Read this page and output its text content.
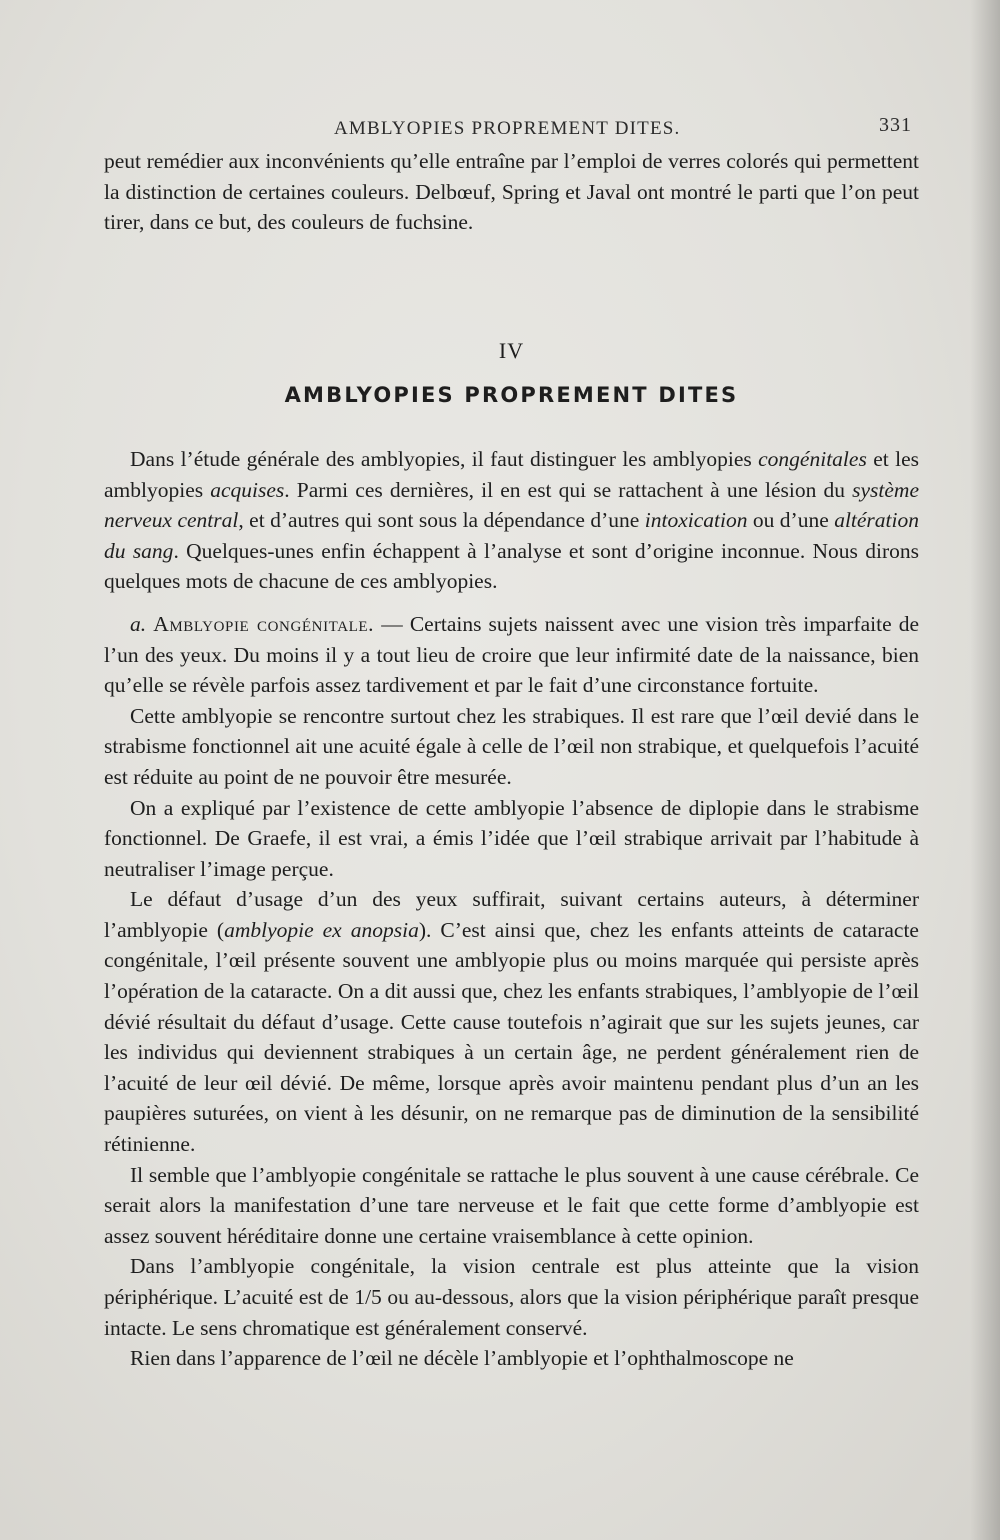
AMBLYOPIES PROPREMENT DITES.	331

peut remédier aux inconvénients qu’elle entraîne par l’emploi de verres colorés qui permettent la distinction de certaines couleurs. Delbœuf, Spring et Javal ont montré le parti que l’on peut tirer, dans ce but, des couleurs de fuchsine.

IV
AMBLYOPIES PROPREMENT DITES

Dans l’étude générale des amblyopies, il faut distinguer les amblyopies congénitales et les amblyopies acquises. Parmi ces dernières, il en est qui se rattachent à une lésion du système nerveux central, et d’autres qui sont sous la dépendance d’une intoxication ou d’une altération du sang. Quelques-unes enfin échappent à l’analyse et sont d’origine inconnue. Nous dirons quelques mots de chacune de ces amblyopies.

a. Amblyopie congénitale. — Certains sujets naissent avec une vision très imparfaite de l’un des yeux. Du moins il y a tout lieu de croire que leur infirmité date de la naissance, bien qu’elle se révèle parfois assez tardivement et par le fait d’une circonstance fortuite.

Cette amblyopie se rencontre surtout chez les strabiques. Il est rare que l’œil devié dans le strabisme fonctionnel ait une acuité égale à celle de l’œil non strabique, et quelquefois l’acuité est réduite au point de ne pouvoir être mesurée.

On a expliqué par l’existence de cette amblyopie l’absence de diplopie dans le strabisme fonctionnel. De Graefe, il est vrai, a émis l’idée que l’œil strabique arrivait par l’habitude à neutraliser l’image perçue.

Le défaut d’usage d’un des yeux suffirait, suivant certains auteurs, à déterminer l’amblyopie (amblyopie ex anopsia). C’est ainsi que, chez les enfants atteints de cataracte congénitale, l’œil présente souvent une amblyopie plus ou moins marquée qui persiste après l’opération de la cataracte. On a dit aussi que, chez les enfants strabiques, l’amblyopie de l’œil dévié résultait du défaut d’usage. Cette cause toutefois n’agirait que sur les sujets jeunes, car les individus qui deviennent strabiques à un certain âge, ne perdent généralement rien de l’acuité de leur œil dévié. De même, lorsque après avoir maintenu pendant plus d’un an les paupières suturées, on vient à les désunir, on ne remarque pas de diminution de la sensibilité rétinienne.

Il semble que l’amblyopie congénitale se rattache le plus souvent à une cause cérébrale. Ce serait alors la manifestation d’une tare nerveuse et le fait que cette forme d’amblyopie est assez souvent héréditaire donne une certaine vraisemblance à cette opinion.

Dans l’amblyopie congénitale, la vision centrale est plus atteinte que la vision périphérique. L’acuité est de 1/5 ou au-dessous, alors que la vision périphérique paraît presque intacte. Le sens chromatique est généralement conservé.

Rien dans l’apparence de l’œil ne décèle l’amblyopie et l’ophthalmoscope ne
